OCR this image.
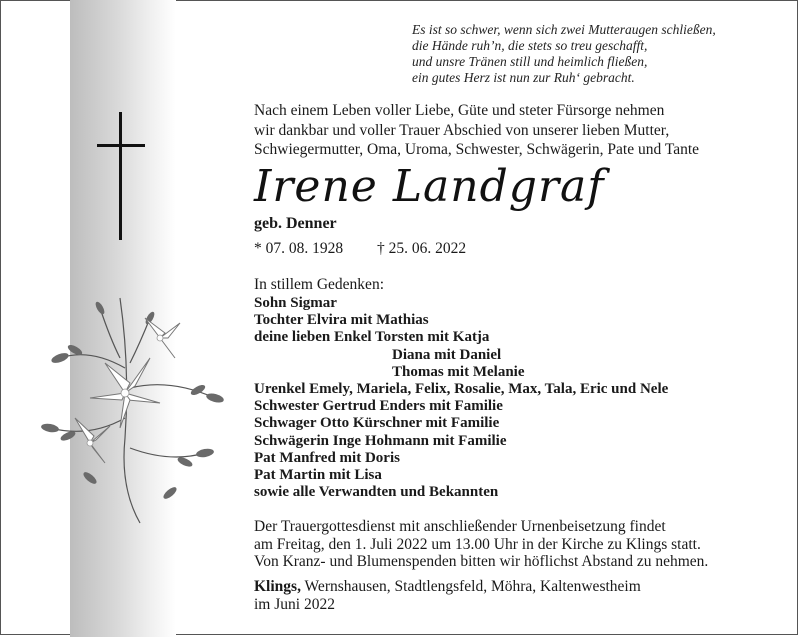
Es ist so schwer, wenn sich zwei Mutteraugen schließen,
die Hände ruh’n, die stets so treu geschafft,
und unsre Tränen still und heimlich fließen,
ein gutes Herz ist nun zur Ruh‘ gebracht.
Nach einem Leben voller Liebe, Güte und steter Fürsorge nehmen
wir dankbar und voller Trauer Abschied von unserer lieben Mutter,
Schwiegermutter, Oma, Uroma, Schwester, Schwägerin, Pate und Tante
Irene Landgraf
geb. Denner
* 07. 08. 1928 † 25. 06. 2022
In stillem Gedenken:
Sohn Sigmar
Tochter Elvira mit Mathias
deine lieben Enkel Torsten mit Katja
Diana mit Daniel
Thomas mit Melanie
Urenkel Emely, Mariela, Felix, Rosalie, Max, Tala, Eric und Nele
Schwester Gertrud Enders mit Familie
Schwager Otto Kürschner mit Familie
Schwägerin Inge Hohmann mit Familie
Pat Manfred mit Doris
Pat Martin mit Lisa
sowie alle Verwandten und Bekannten
Der Trauergottesdienst mit anschließender Urnenbeisetzung findet
am Freitag, den 1. Juli 2022 um 13.00 Uhr in der Kirche zu Klings statt.
Von Kranz- und Blumenspenden bitten wir höflichst Abstand zu nehmen.
Klings, Wernshausen, Stadtlengsfeld, Möhra, Kaltenwestheim
im Juni 2022
